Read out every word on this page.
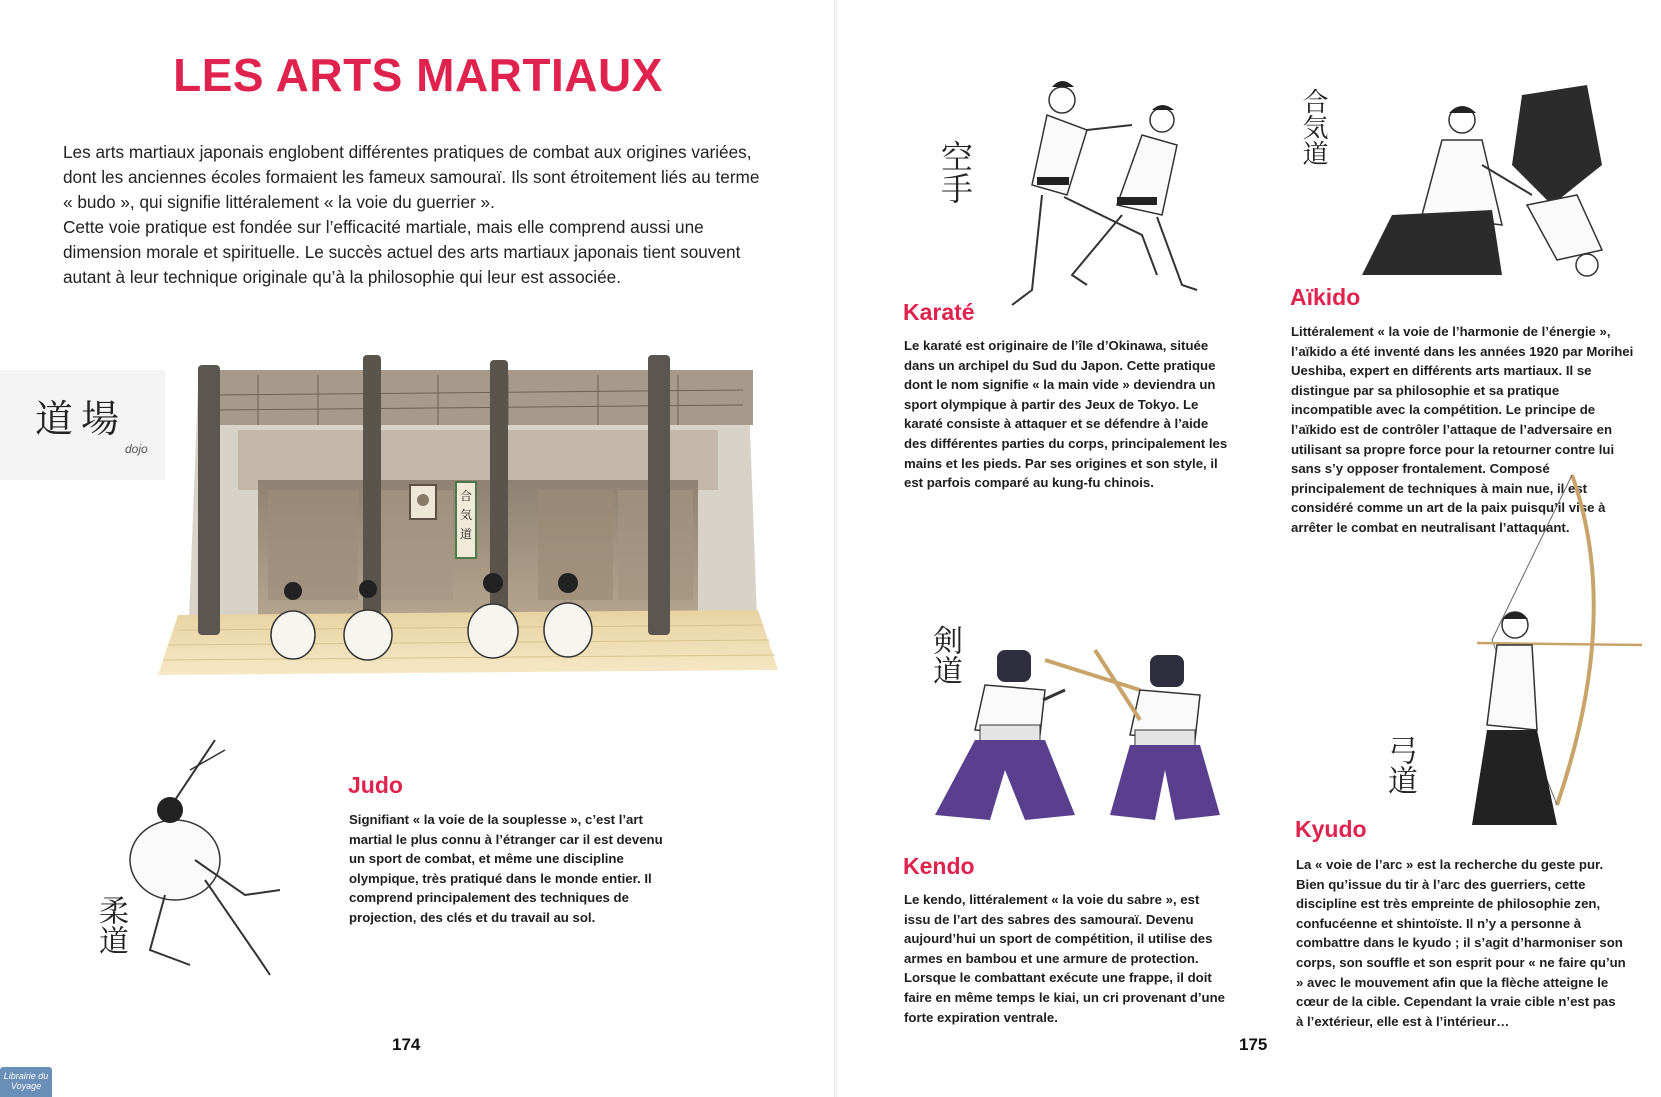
LES ARTS MARTIAUX

Les arts martiaux japonais englobent différentes pratiques de combat aux origines variées, dont les anciennes écoles formaient les fameux samouraï. Ils sont étroitement liés au terme « budo », qui signifie littéralement « la voie du guerrier ».

Cette voie pratique est fondée sur l’efficacité martiale, mais elle comprend aussi une dimension morale et spirituelle. Le succès actuel des arts martiaux japonais tient souvent autant à leur technique originale qu’à la philosophie qui leur est associée.

道場
dojo
合
気
道
柔道
Judo

Signifiant « la voie de la souplesse », c’est l’art martial le plus connu à l’étranger car il est devenu un sport de combat, et même une discipline olympique, très pratiqué dans le monde entier. Il comprend principalement des techniques de projection, des clés et du travail au sol.

174
空手
Karaté

Le karaté est originaire de l’île d’Okinawa, située dans un archipel du Sud du Japon. Cette pratique dont le nom signifie « la main vide » deviendra un sport olympique à partir des Jeux de Tokyo. Le karaté consiste à attaquer et se défendre à l’aide des différentes parties du corps, principalement les mains et les pieds. Par ses origines et son style, il est parfois comparé au kung-fu chinois.

合気道
Aïkido

Littéralement « la voie de l’harmonie de l’énergie », l’aïkido a été inventé dans les années 1920 par Morihei Ueshiba, expert en différents arts martiaux. Il se distingue par sa philosophie et sa pratique incompatible avec la compétition. Le principe de l’aïkido est de contrôler l’attaque de l’adversaire en utilisant sa propre force pour la retourner contre lui sans s’y opposer frontalement. Composé principalement de techniques à main nue, il est considéré comme un art de la paix puisqu’il vise à arrêter le combat en neutralisant l’attaquant.

剣道
Kendo

Le kendo, littéralement « la voie du sabre », est issu de l’art des sabres des samouraï. Devenu aujourd’hui un sport de compétition, il utilise des armes en bambou et une armure de protection. Lorsque le combattant exécute une frappe, il doit faire en même temps le kiai, un cri provenant d’une forte expiration ventrale.

弓道
Kyudo

La « voie de l’arc » est la recherche du geste pur. Bien qu’issue du tir à l’arc des guerriers, cette discipline est très empreinte de philosophie zen, confucéenne et shintoïste. Il n’y a personne à combattre dans le kyudo ; il s’agit d’harmoniser son corps, son souffle et son esprit pour « ne faire qu’un » avec le mouvement afin que la flèche atteigne le cœur de la cible. Cependant la vraie cible n’est pas à l’extérieur, elle est à l’intérieur…

175
Librairie du Voyage
